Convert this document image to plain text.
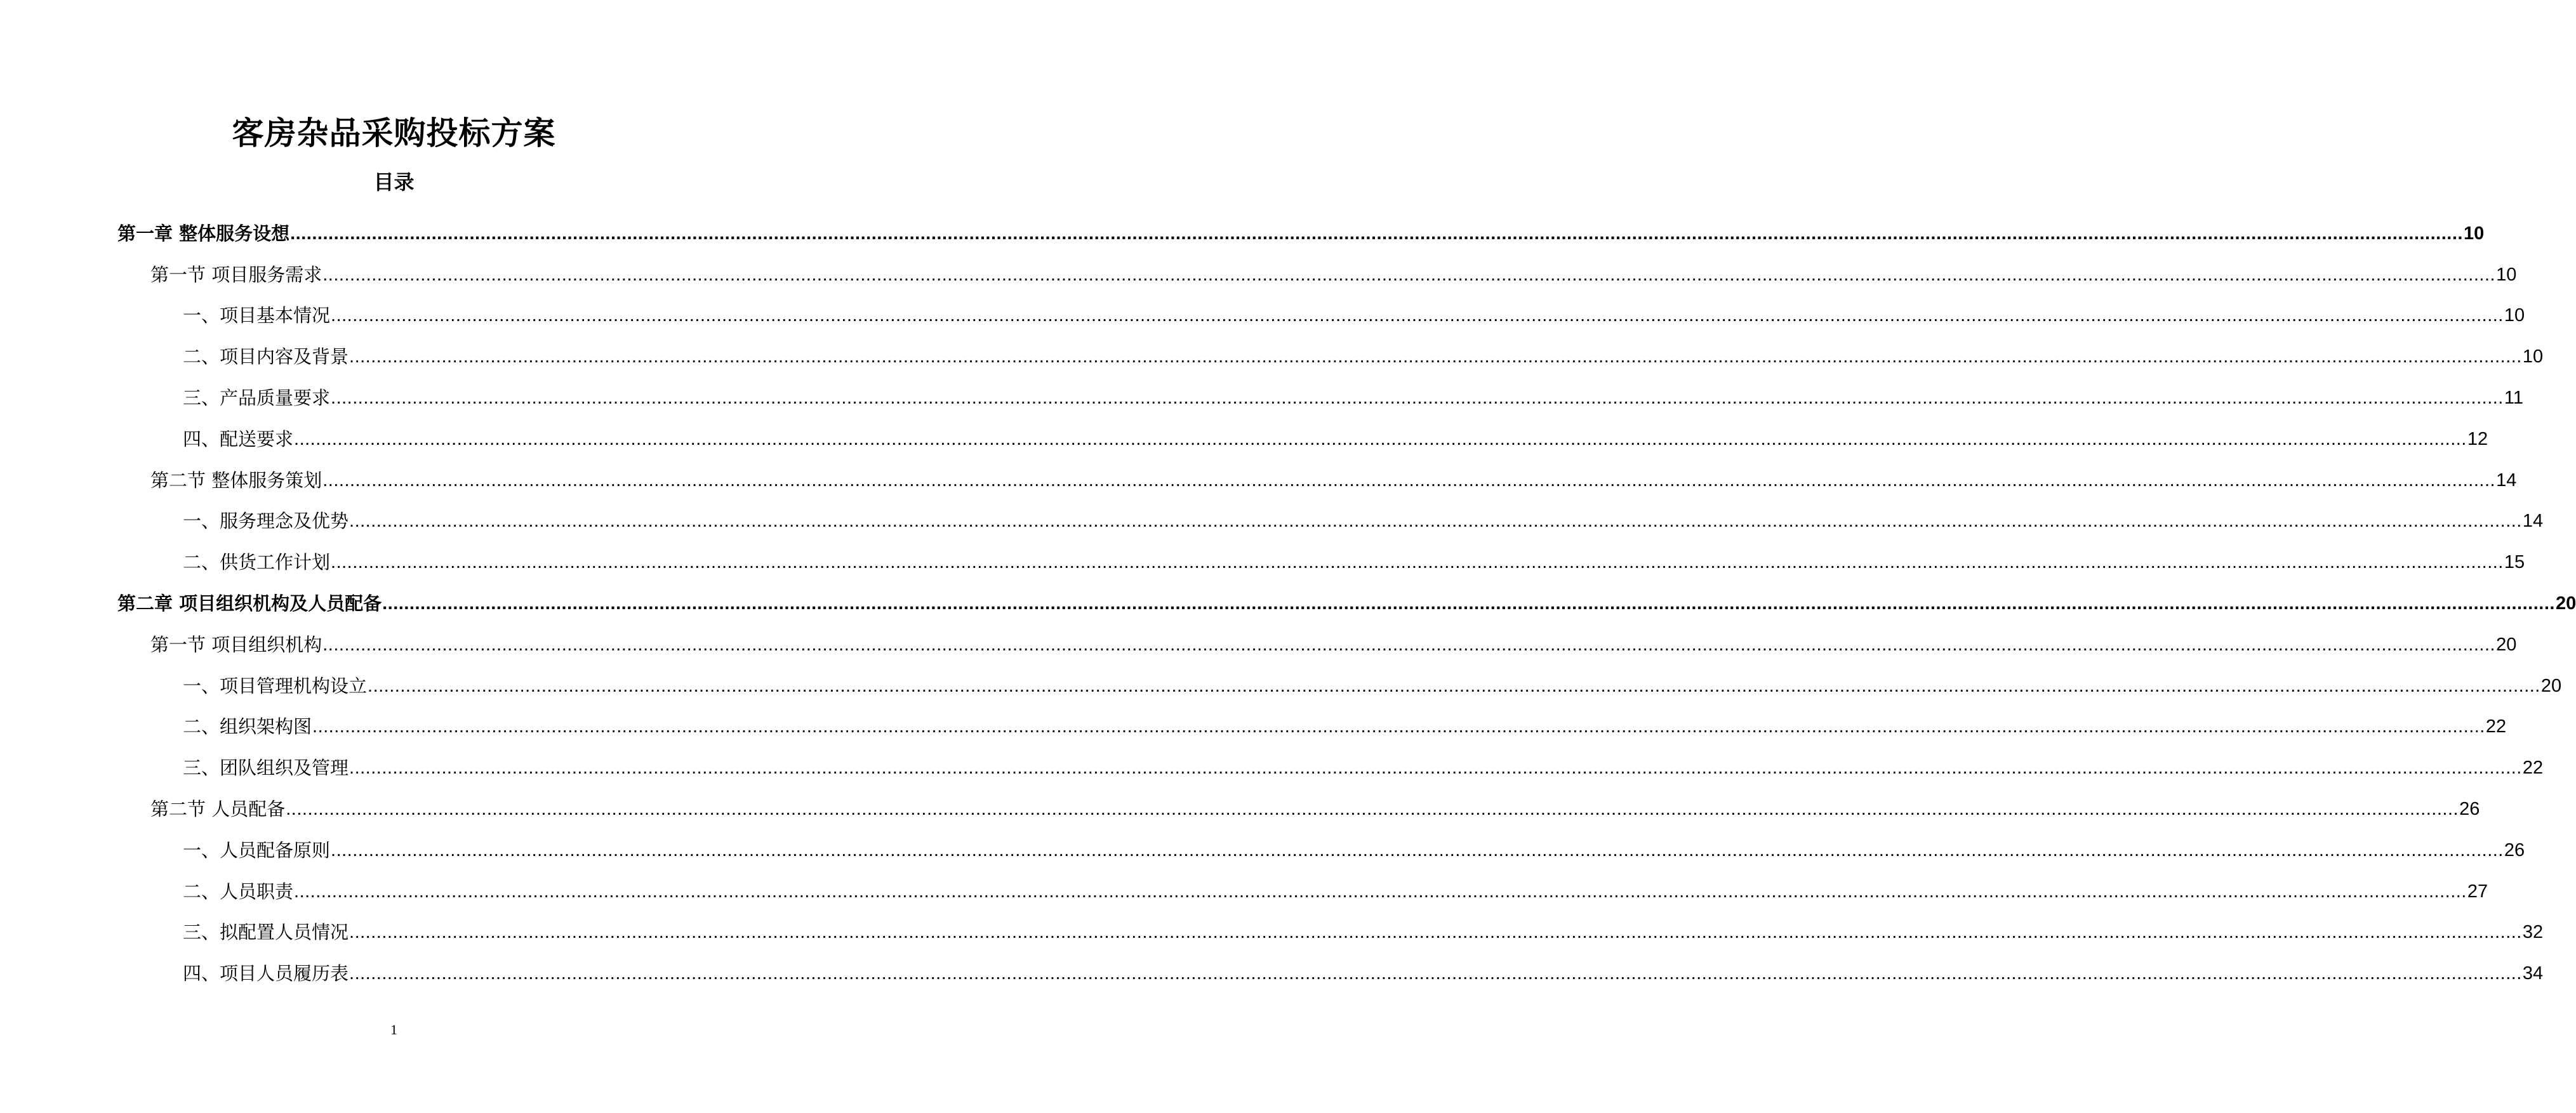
客房杂品采购投标方案
目录
第一章 整体服务设想 ................................................................................................................................................................................................................................................................................................................................................................................................................ 10
第一节 项目服务需求 ................................................................................................................................................................................................................................................................................................................................................................................................................ 10
一、项目基本情况 ................................................................................................................................................................................................................................................................................................................................................................................................................ 10
二、项目内容及背景 ................................................................................................................................................................................................................................................................................................................................................................................................................ 10
三、产品质量要求 ................................................................................................................................................................................................................................................................................................................................................................................................................ 11
四、配送要求 ................................................................................................................................................................................................................................................................................................................................................................................................................ 12
第二节 整体服务策划 ................................................................................................................................................................................................................................................................................................................................................................................................................ 14
一、服务理念及优势 ................................................................................................................................................................................................................................................................................................................................................................................................................ 14
二、供货工作计划 ................................................................................................................................................................................................................................................................................................................................................................................................................ 15
第二章 项目组织机构及人员配备 ................................................................................................................................................................................................................................................................................................................................................................................................................ 20
第一节 项目组织机构 ................................................................................................................................................................................................................................................................................................................................................................................................................ 20
一、项目管理机构设立 ................................................................................................................................................................................................................................................................................................................................................................................................................ 20
二、组织架构图 ................................................................................................................................................................................................................................................................................................................................................................................................................ 22
三、团队组织及管理 ................................................................................................................................................................................................................................................................................................................................................................................................................ 22
第二节 人员配备 ................................................................................................................................................................................................................................................................................................................................................................................................................ 26
一、人员配备原则 ................................................................................................................................................................................................................................................................................................................................................................................................................ 26
二、人员职责 ................................................................................................................................................................................................................................................................................................................................................................................................................ 27
三、拟配置人员情况 ................................................................................................................................................................................................................................................................................................................................................................................................................ 32
四、项目人员履历表 ................................................................................................................................................................................................................................................................................................................................................................................................................ 34
1
